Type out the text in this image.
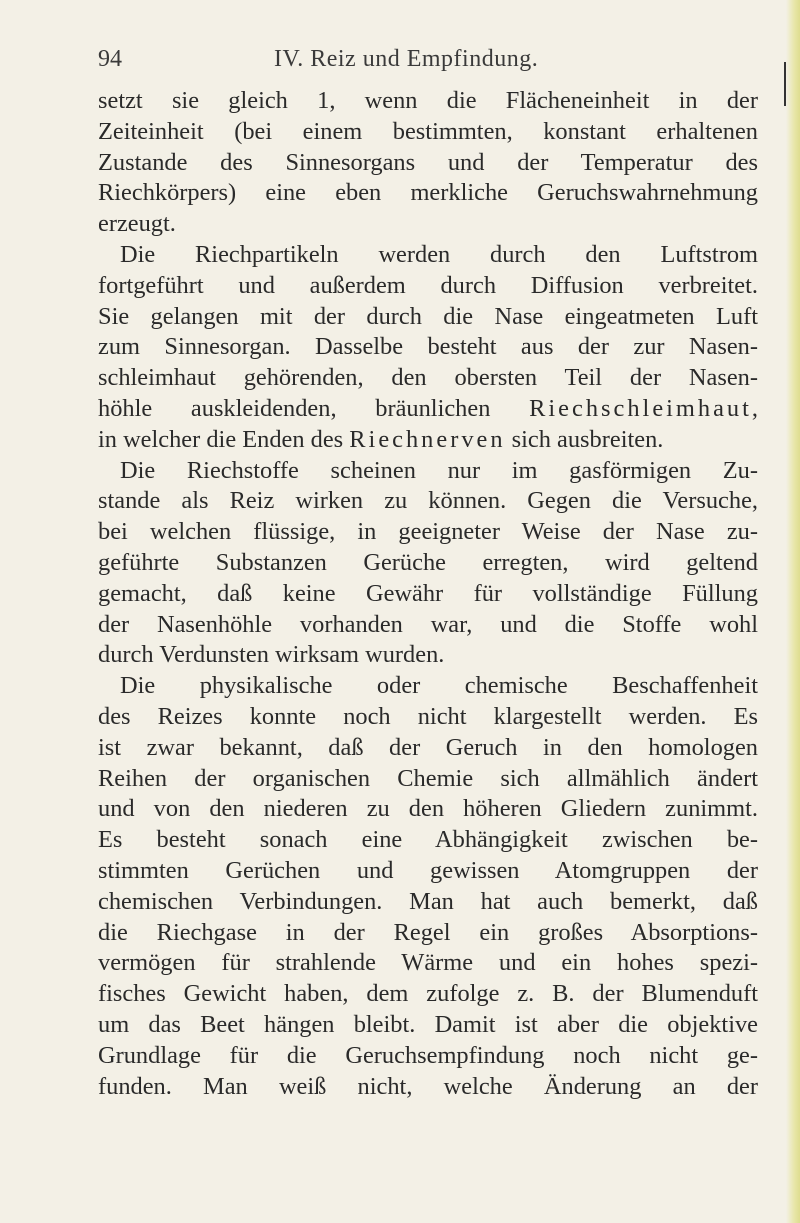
94	IV. Reiz und Empfindung.
setzt sie gleich 1, wenn die Flächeneinheit in der
Zeiteinheit (bei einem bestimmten, konstant erhaltenen
Zustande des Sinnesorgans und der Temperatur des
Riechkörpers) eine eben merkliche Geruchswahrnehmung
erzeugt.
Die Riechpartikeln werden durch den Luftstrom
fortgeführt und außerdem durch Diffusion verbreitet.
Sie gelangen mit der durch die Nase eingeatmeten Luft
zum Sinnesorgan. Dasselbe besteht aus der zur Nasen-
schleimhaut gehörenden, den obersten Teil der Nasen-
höhle auskleidenden, bräunlichen Riechschleimhaut,
in welcher die Enden des Riechnerven sich ausbreiten.
Die Riechstoffe scheinen nur im gasförmigen Zu-
stande als Reiz wirken zu können. Gegen die Versuche,
bei welchen flüssige, in geeigneter Weise der Nase zu-
geführte Substanzen Gerüche erregten, wird geltend
gemacht, daß keine Gewähr für vollständige Füllung
der Nasenhöhle vorhanden war, und die Stoffe wohl
durch Verdunsten wirksam wurden.
Die physikalische oder chemische Beschaffenheit
des Reizes konnte noch nicht klargestellt werden. Es
ist zwar bekannt, daß der Geruch in den homologen
Reihen der organischen Chemie sich allmählich ändert
und von den niederen zu den höheren Gliedern zunimmt.
Es besteht sonach eine Abhängigkeit zwischen be-
stimmten Gerüchen und gewissen Atomgruppen der
chemischen Verbindungen. Man hat auch bemerkt, daß
die Riechgase in der Regel ein großes Absorptions-
vermögen für strahlende Wärme und ein hohes spezi-
fisches Gewicht haben, dem zufolge z. B. der Blumenduft
um das Beet hängen bleibt. Damit ist aber die objektive
Grundlage für die Geruchsempfindung noch nicht ge-
funden. Man weiß nicht, welche Änderung an der
